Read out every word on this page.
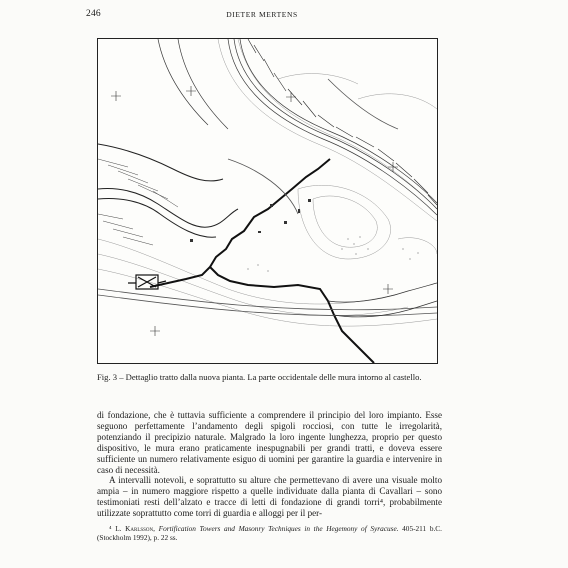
246	DIETER MERTENS
Fig. 3 – Dettaglio tratto dalla nuova pianta. La parte occidentale delle mura intorno al castello.

di fondazione, che è tuttavia sufficiente a comprendere il principio del loro impianto. Esse seguono perfettamente l’andamento degli spigoli rocciosi, con tutte le irregolarità, potenziando il precipizio naturale. Malgrado la loro ingente lunghezza, proprio per questo dispositivo, le mura erano praticamente inespugnabili per grandi tratti, e doveva essere sufficiente un numero relativamente esiguo di uomini per garantire la guardia e intervenire in caso di necessità.

A intervalli notevoli, e soprattutto su alture che permettevano di avere una visuale molto ampia – in numero maggiore rispetto a quelle individuate dalla pianta di Cavallari – sono testimoniati resti dell’alzato e tracce di letti di fondazione di grandi torri⁴, probabilmente utilizzate soprattutto come torri di guardia e alloggi per il per-

⁴ L. Karlsson, Fortification Towers and Masonry Techniques in the Hegemony of Syracuse. 405-211 b.C. (Stockholm 1992), p. 22 ss.
